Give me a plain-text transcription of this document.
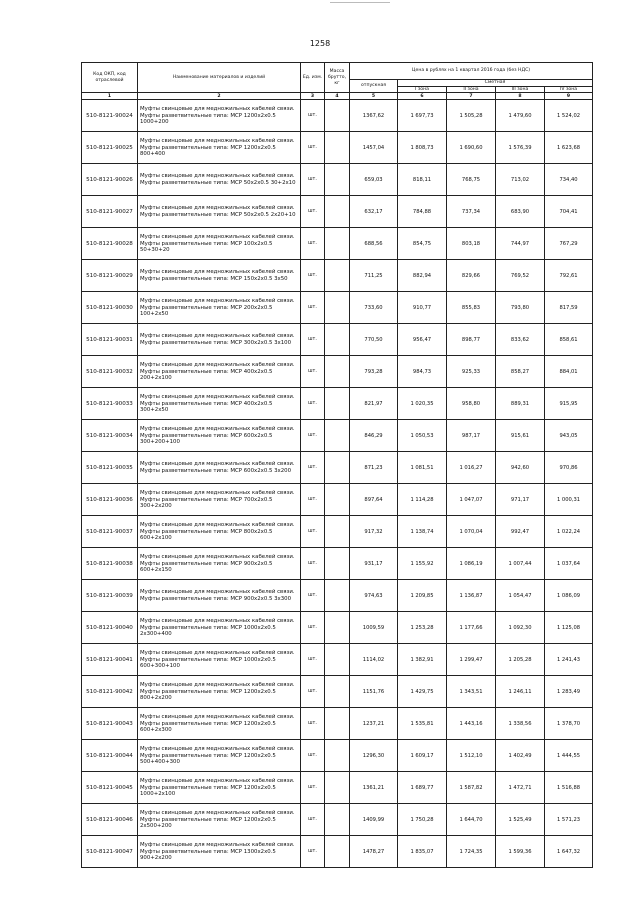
1258
Код ОКП, код отраслевой	Наименование материалов и изделий	Ед. изм.	Масса брутто, кг	Цена в рублях на 1 квартал 2016 года (без НДС)				
				отпускная	Сметная			
					I зона	II зона	III зона	IV зона
1	2	3	4	5	6	7	8	9
510-8121-90024	Муфты свинцовые для медножильных кабелей связи. Муфты разветвительные типа: МСР 1200х2х0.5 1000+200	шт.		1367,62	1 697,73	1 505,28	1 479,60	1 524,02
510-8121-90025	Муфты свинцовые для медножильных кабелей связи. Муфты разветвительные типа: МСР 1200х2х0.5 800+400	шт.		1457,04	1 808,73	1 690,60	1 576,39	1 623,68
510-8121-90026	Муфты свинцовые для медножильных кабелей связи. Муфты разветвительные типа: МСР 50х2х0.5 30+2х10	шт.		659,03	818,11	768,75	713,02	734,40
510-8121-90027	Муфты свинцовые для медножильных кабелей связи. Муфты разветвительные типа: МСР 50х2х0.5 2х20+10	шт.		632,17	784,88	737,34	683,90	704,41
510-8121-90028	Муфты свинцовые для медножильных кабелей связи. Муфты разветвительные типа: МСР 100х2х0.5 50+30+20	шт.		688,56	854,75	803,18	744,97	767,29
510-8121-90029	Муфты свинцовые для медножильных кабелей связи. Муфты разветвительные типа: МСР 150х2х0.5 3х50	шт.		711,25	882,94	829,66	769,52	792,61
510-8121-90030	Муфты свинцовые для медножильных кабелей связи. Муфты разветвительные типа: МСР 200х2х0.5 100+2х50	шт.		733,60	910,77	855,83	793,80	817,59
510-8121-90031	Муфты свинцовые для медножильных кабелей связи. Муфты разветвительные типа: МСР 300х2х0.5 3х100	шт.		770,50	956,47	898,77	833,62	858,61
510-8121-90032	Муфты свинцовые для медножильных кабелей связи. Муфты разветвительные типа: МСР 400х2х0.5 200+2х100	шт.		793,28	984,73	925,33	858,27	884,01
510-8121-90033	Муфты свинцовые для медножильных кабелей связи. Муфты разветвительные типа: МСР 400х2х0.5 300+2х50	шт.		821,97	1 020,35	958,80	889,31	915,95
510-8121-90034	Муфты свинцовые для медножильных кабелей связи. Муфты разветвительные типа: МСР 600х2х0.5 300+200+100	шт.		846,29	1 050,53	987,17	915,61	943,05
510-8121-90035	Муфты свинцовые для медножильных кабелей связи. Муфты разветвительные типа: МСР 600х2х0.5 3х200	шт.		871,23	1 081,51	1 016,27	942,60	970,86
510-8121-90036	Муфты свинцовые для медножильных кабелей связи. Муфты разветвительные типа: МСР 700х2х0.5 300+2х200	шт.		897,64	1 114,28	1 047,07	971,17	1 000,31
510-8121-90037	Муфты свинцовые для медножильных кабелей связи. Муфты разветвительные типа: МСР 800х2х0.5 600+2х100	шт.		917,32	1 138,74	1 070,04	992,47	1 022,24
510-8121-90038	Муфты свинцовые для медножильных кабелей связи. Муфты разветвительные типа: МСР 900х2х0.5 600+2х150	шт.		931,17	1 155,92	1 086,19	1 007,44	1 037,64
510-8121-90039	Муфты свинцовые для медножильных кабелей связи. Муфты разветвительные типа: МСР 900х2х0.5 3х300	шт.		974,63	1 209,85	1 136,87	1 054,47	1 086,09
510-8121-90040	Муфты свинцовые для медножильных кабелей связи. Муфты разветвительные типа: МСР 1000х2х0.5 2х300+400	шт.		1009,59	1 253,28	1 177,66	1 092,30	1 125,08
510-8121-90041	Муфты свинцовые для медножильных кабелей связи. Муфты разветвительные типа: МСР 1000х2х0.5 600+300+100	шт.		1114,02	1 382,91	1 299,47	1 205,28	1 241,43
510-8121-90042	Муфты свинцовые для медножильных кабелей связи. Муфты разветвительные типа: МСР 1200х2х0.5 800+2х200	шт.		1151,76	1 429,75	1 343,51	1 246,11	1 283,49
510-8121-90043	Муфты свинцовые для медножильных кабелей связи. Муфты разветвительные типа: МСР 1200х2х0.5 600+2х300	шт.		1237,21	1 535,81	1 443,16	1 338,56	1 378,70
510-8121-90044	Муфты свинцовые для медножильных кабелей связи. Муфты разветвительные типа: МСР 1200х2х0.5 500+400+300	шт.		1296,30	1 609,17	1 512,10	1 402,49	1 444,55
510-8121-90045	Муфты свинцовые для медножильных кабелей связи. Муфты разветвительные типа: МСР 1200х2х0.5 1000+2х100	шт.		1361,21	1 689,77	1 587,82	1 472,71	1 516,88
510-8121-90046	Муфты свинцовые для медножильных кабелей связи. Муфты разветвительные типа: МСР 1200х2х0.5 2х500+200	шт.		1409,99	1 750,28	1 644,70	1 525,49	1 571,23
510-8121-90047	Муфты свинцовые для медножильных кабелей связи. Муфты разветвительные типа: МСР 1300х2х0.5 900+2х200	шт.		1478,27	1 835,07	1 724,35	1 599,36	1 647,32
